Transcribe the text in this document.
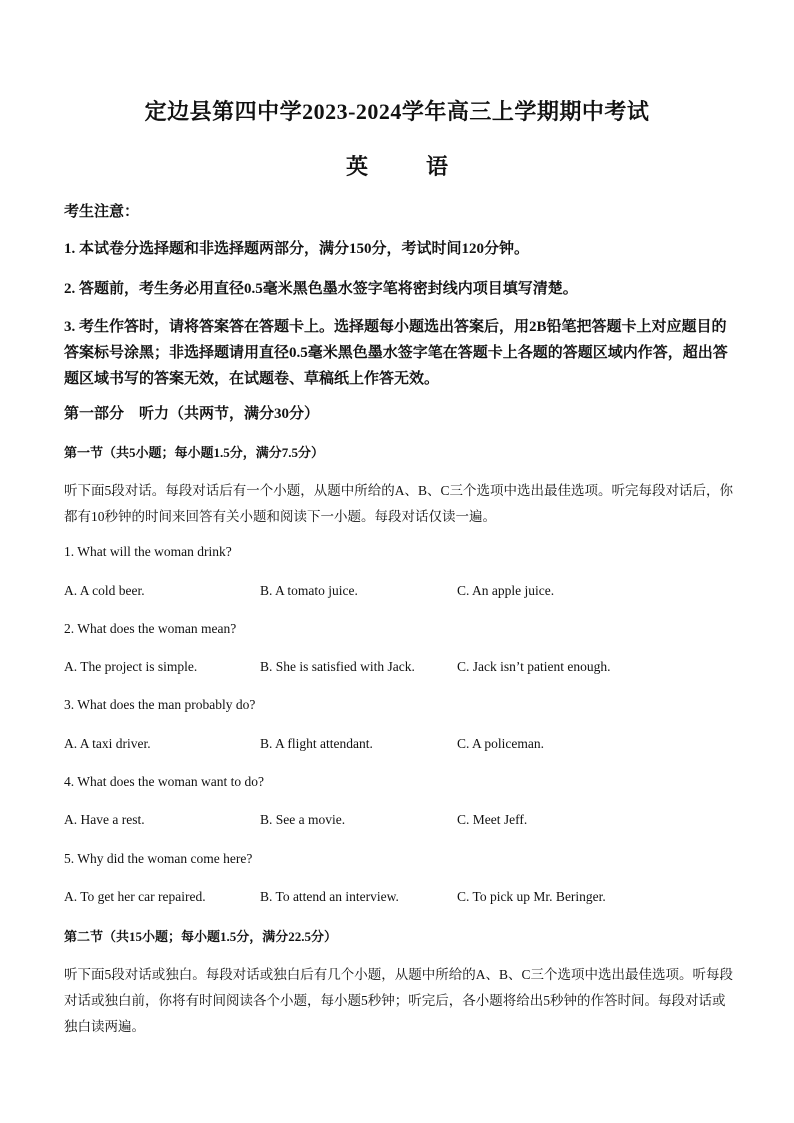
定边县第四中学2023-2024学年高三上学期期中考试
英　语
考生注意：
1. 本试卷分选择题和非选择题两部分，满分150分，考试时间120分钟。
2. 答题前，考生务必用直径0.5毫米黑色墨水签字笔将密封线内项目填写清楚。
3. 考生作答时，请将答案答在答题卡上。选择题每小题选出答案后，用2B铅笔把答题卡上对应题目的答案标号涂黑；非选择题请用直径0.5毫米黑色墨水签字笔在答题卡上各题的答题区域内作答，超出答题区域书写的答案无效，在试题卷、草稿纸上作答无效。
第一部分　听力（共两节，满分30分）
第一节（共5小题；每小题1.5分，满分7.5分）
听下面5段对话。每段对话后有一个小题，从题中所给的A、B、C三个选项中选出最佳选项。听完每段对话后，你都有10秒钟的时间来回答有关小题和阅读下一小题。每段对话仅读一遍。
1. What will the woman drink?
A. A cold beer.	B. A tomato juice.	C. An apple juice.
2. What does the woman mean?
A. The project is simple.	B. She is satisfied with Jack.	C. Jack isn’t patient enough.
3. What does the man probably do?
A. A taxi driver.	B. A flight attendant.	C. A policeman.
4. What does the woman want to do?
A. Have a rest.	B. See a movie.	C. Meet Jeff.
5. Why did the woman come here?
A. To get her car repaired.	B. To attend an interview.	C. To pick up Mr. Beringer.
第二节（共15小题；每小题1.5分，满分22.5分）
听下面5段对话或独白。每段对话或独白后有几个小题，从题中所给的A、B、C三个选项中选出最佳选项。听每段对话或独白前，你将有时间阅读各个小题，每小题5秒钟；听完后，各小题将给出5秒钟的作答时间。每段对话或独白读两遍。
